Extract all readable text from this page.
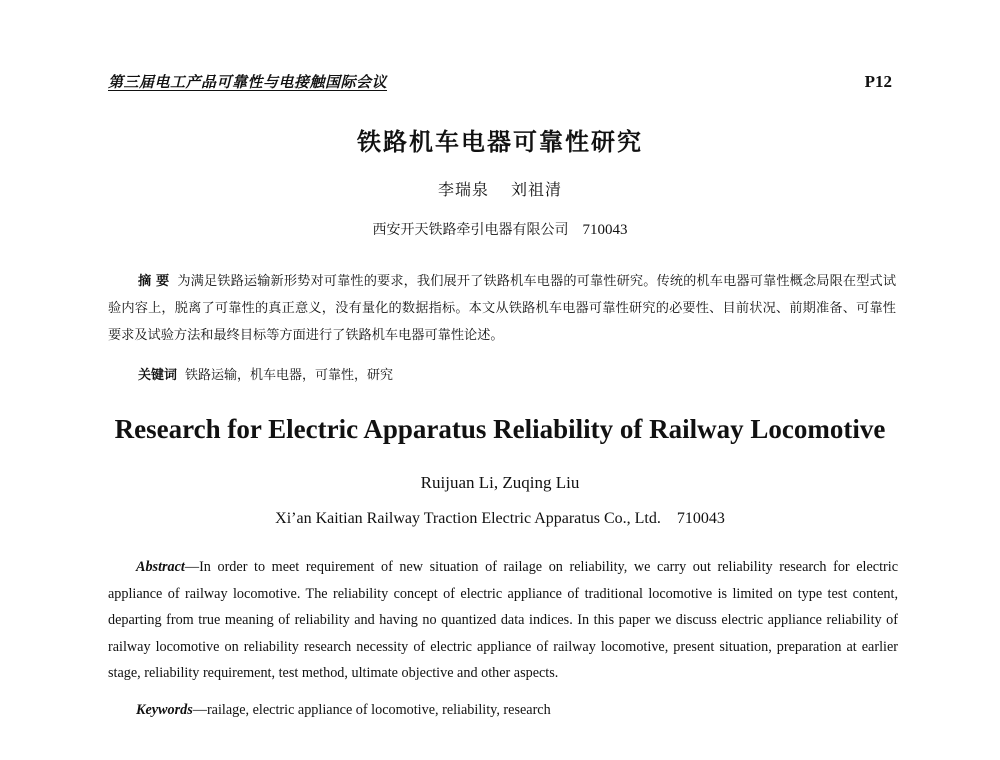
第三届电工产品可靠性与电接触国际会议	P12
铁路机车电器可靠性研究
李瑞泉 刘祖清
西安开天铁路牵引电器有限公司 710043
摘 要 为满足铁路运输新形势对可靠性的要求，我们展开了铁路机车电器的可靠性研究。传统的机车电器可靠性概念局限在型式试验内容上，脱离了可靠性的真正意义，没有量化的数据指标。本文从铁路机车电器可靠性研究的必要性、目前状况、前期准备、可靠性要求及试验方法和最终目标等方面进行了铁路机车电器可靠性论述。
关键词 铁路运输，机车电器，可靠性，研究
Research for Electric Apparatus Reliability of Railway Locomotive
Ruijuan Li, Zuqing Liu
Xi’an Kaitian Railway Traction Electric Apparatus Co., Ltd. 710043
Abstract—In order to meet requirement of new situation of railage on reliability, we carry out reliability research for electric appliance of railway locomotive. The reliability concept of electric appliance of traditional locomotive is limited on type test content, departing from true meaning of reliability and having no quantized data indices. In this paper we discuss electric appliance reliability of railway locomotive on reliability research necessity of electric appliance of railway locomotive, present situation, preparation at earlier stage, reliability requirement, test method, ultimate objective and other aspects.
Keywords—railage, electric appliance of locomotive, reliability, research
